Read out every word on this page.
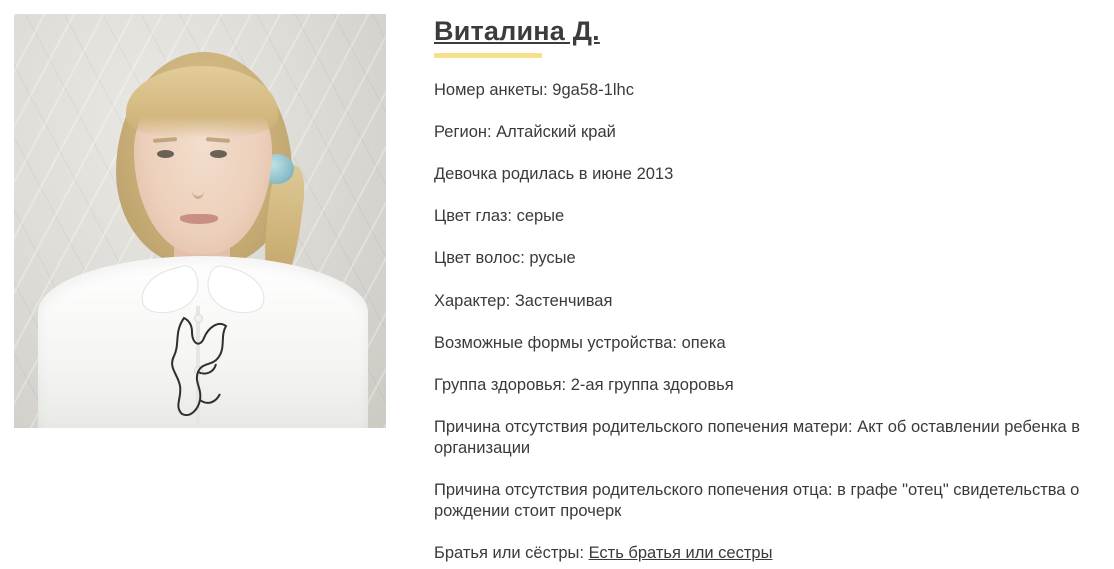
Виталина Д.

Номер анкеты: 9ga58-1lhc

Регион: Алтайский край

Девочка родилась в июне 2013

Цвет глаз: серые

Цвет волос: русые

Характер: Застенчивая

Возможные формы устройства: опека

Группа здоровья: 2-ая группа здоровья

Причина отсутствия родительского попечения матери: Акт об оставлении ребенка в организации

Причина отсутствия родительского попечения отца: в графе "отец" свидетельства о рождении стоит прочерк

Братья или сёстры: Есть братья или сестры
